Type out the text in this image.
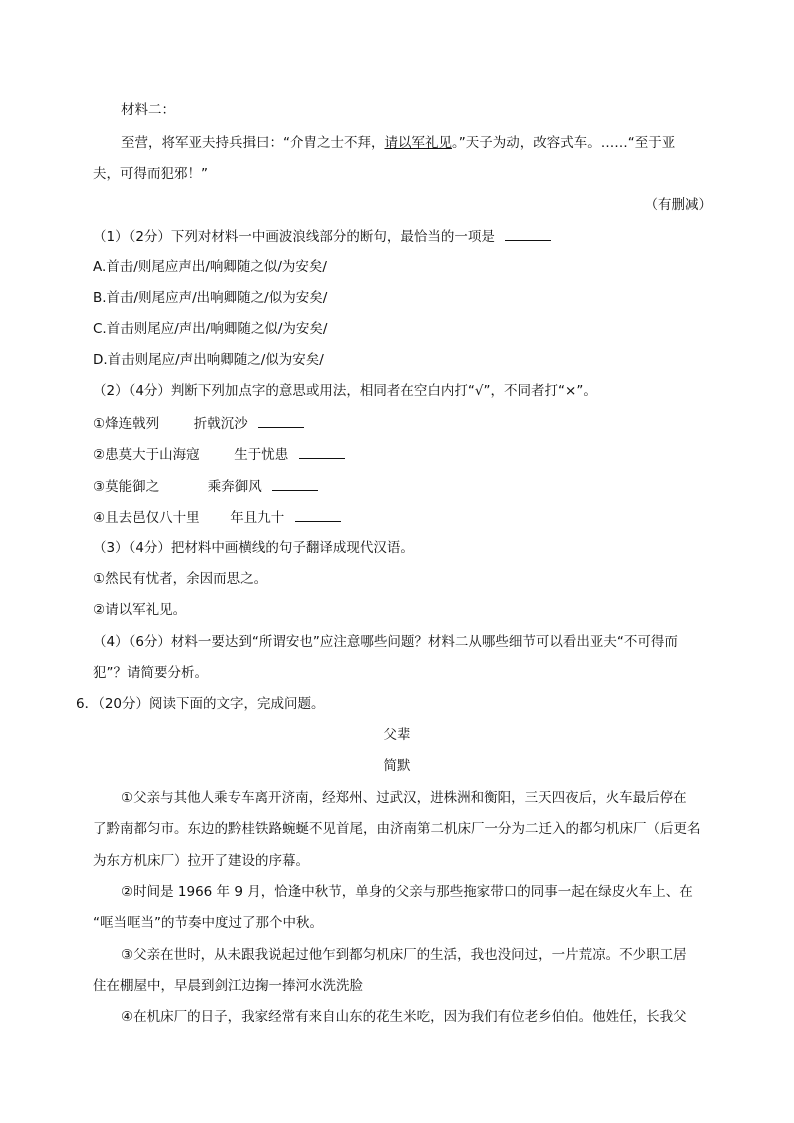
材料二：
至营，将军亚夫持兵揖曰：“介胄之士不拜，请以军礼见。”天子为动，改容式车。……“至于亚
夫，可得而犯邪！”
（有删减）
（1）（2分）下列对材料一中画波浪线部分的断句，最恰当的一项是
A.首击/则尾应声出/响卿随之似/为安矣/
B.首击/则尾应声/出响卿随之/似为安矣/
C.首击则尾应/声出/响卿随之似/为安矣/
D.首击则尾应/声出响卿随之/似为安矣/
（2）（4分）判断下列加点字的意思或用法，相同者在空白内打“√”，不同者打“×”。
①烽连戟列	折戟沉沙
②患莫大于山海寇	生于忧患
③莫能御之	乘奔御风
④且去邑仅八十里 年且九十
（3）（4分）把材料中画横线的句子翻译成现代汉语。
①然民有忧者，余因而思之。
②请以军礼见。
（4）（6分）材料一要达到“所谓安也”应注意哪些问题？材料二从哪些细节可以看出亚夫“不可得而
犯”？请简要分析。
6．（20分）阅读下面的文字，完成问题。
父辈
简默
①父亲与其他人乘专车离开济南，经郑州、过武汉，进株洲和衡阳，三天四夜后，火车最后停在
了黔南都匀市。东边的黔桂铁路蜿蜒不见首尾，由济南第二机床厂一分为二迁入的都匀机床厂（后更名
为东方机床厂）拉开了建设的序幕。
②时间是 1966 年 9 月，恰逢中秋节，单身的父亲与那些拖家带口的同事一起在绿皮火车上、在
“哐当哐当”的节奏中度过了那个中秋。
③父亲在世时，从未跟我说起过他乍到都匀机床厂的生活，我也没问过，一片荒凉。不少职工居
住在棚屋中，早晨到剑江边掬一捧河水洗洗脸
④在机床厂的日子，我家经常有来自山东的花生米吃，因为我们有位老乡伯伯。他姓任，长我父
